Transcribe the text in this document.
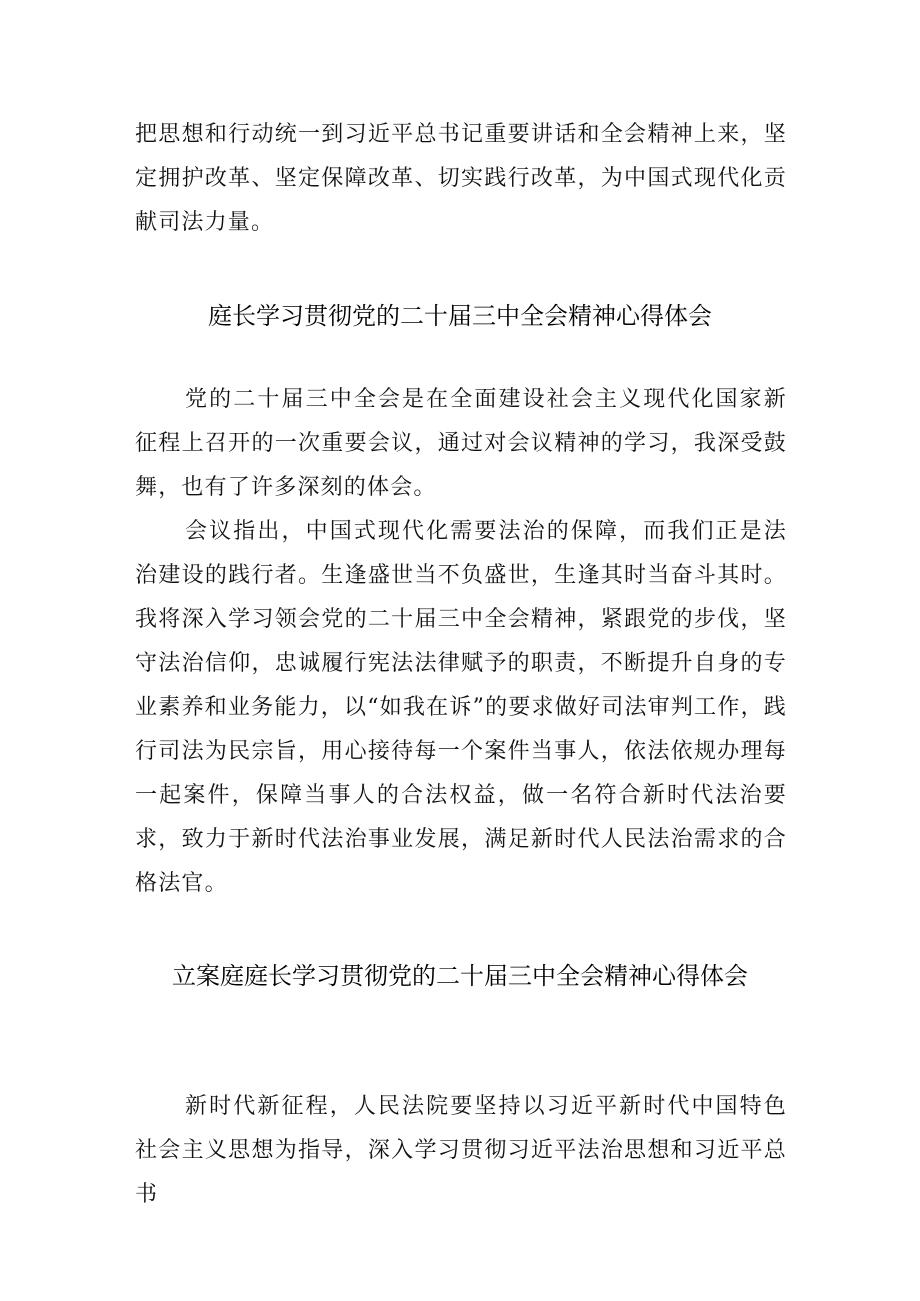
把思想和行动统一到习近平总书记重要讲话和全会精神上来，坚定拥护改革、坚定保障改革、切实践行改革，为中国式现代化贡献司法力量。

庭长学习贯彻党的二十届三中全会精神心得体会

党的二十届三中全会是在全面建设社会主义现代化国家新征程上召开的一次重要会议，通过对会议精神的学习，我深受鼓舞，也有了许多深刻的体会。

会议指出，中国式现代化需要法治的保障，而我们正是法治建设的践行者。生逢盛世当不负盛世，生逢其时当奋斗其时。我将深入学习领会党的二十届三中全会精神，紧跟党的步伐，坚守法治信仰，忠诚履行宪法法律赋予的职责，不断提升自身的专业素养和业务能力，以“如我在诉”的要求做好司法审判工作，践行司法为民宗旨，用心接待每一个案件当事人，依法依规办理每一起案件，保障当事人的合法权益，做一名符合新时代法治要求，致力于新时代法治事业发展，满足新时代人民法治需求的合格法官。

立案庭庭长学习贯彻党的二十届三中全会精神心得体会

新时代新征程，人民法院要坚持以习近平新时代中国特色社会主义思想为指导，深入学习贯彻习近平法治思想和习近平总书
